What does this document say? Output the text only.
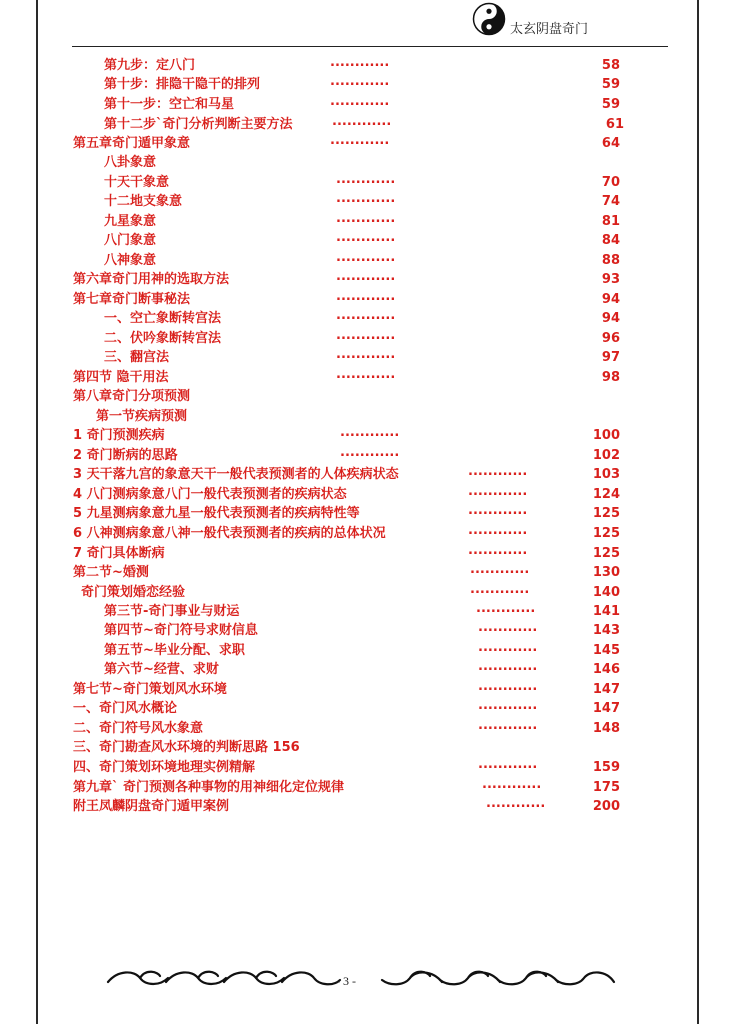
太玄阴盘奇门
第九步：定八门	............	58
第十步：排隐干隐干的排列	............	59
第十一步：空亡和马星	............	59
第十二步`奇门分析判断主要方法	............	61
第五章奇门遁甲象意	............	64
八卦象意
十天干象意	............	70
十二地支象意	............	74
九星象意	............	81
八门象意	............	84
八神象意	............	88
第六章奇门用神的选取方法	............	93
第七章奇门断事秘法	............	94
一、空亡象断转宫法	............	94
二、伏吟象断转宫法	............	96
三、翻宫法	............	97
第四节 隐干用法	............	98
第八章奇门分项预测
第一节疾病预测
1 奇门预测疾病	............	100
2 奇门断病的思路	............	102
3 天干落九宫的象意天干一般代表预测者的人体疾病状态	............	103
4 八门测病象意八门一般代表预测者的疾病状态	............	124
5 九星测病象意九星一般代表预测者的疾病特性等	............	125
6 八神测病象意八神一般代表预测者的疾病的总体状况	............	125
7 奇门具体断病	............	125
第二节~婚测	............	130
奇门策划婚恋经验	............	140
第三节-奇门事业与财运	............	141
第四节~奇门符号求财信息	............	143
第五节~毕业分配、求职	............	145
第六节~经营、求财	............	146
第七节~奇门策划风水环境	............	147
一、奇门风水概论	............	147
二、奇门符号风水象意	............	148
三、奇门勘查风水环境的判断思路 156
四、奇门策划环境地理实例精解	............	159
第九章` 奇门预测各种事物的用神细化定位规律	............	175
附王凤麟阴盘奇门遁甲案例	............	200
- 3 -
